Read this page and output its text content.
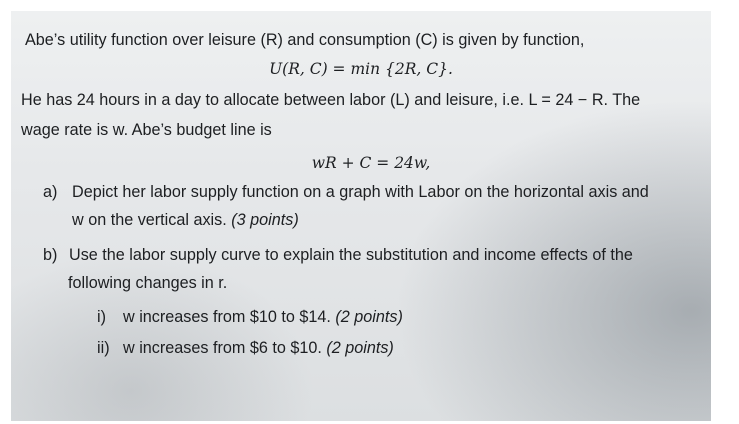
Abe’s utility function over leisure (R) and consumption (C) is given by function,
U(R, C) = min {2R, C}.
He has 24 hours in a day to allocate between labor (L) and leisure, i.e. L = 24 − R. The
wage rate is w. Abe’s budget line is
wR + C = 24w,
a) Depict her labor supply function on a graph with Labor on the horizontal axis and
w on the vertical axis. (3 points)
b) Use the labor supply curve to explain the substitution and income effects of the
following changes in r.
i) w increases from $10 to $14. (2 points)
ii) w increases from $6 to $10. (2 points)
